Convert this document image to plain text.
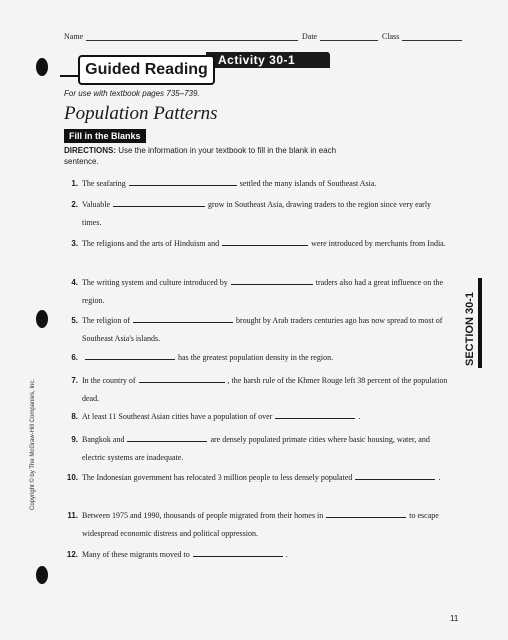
Name	Date	Class
Activity 30-1
Guided Reading
For use with textbook pages 735–739.
Population Patterns
Fill in the Blanks
DIRECTIONS: Use the information in your textbook to fill in the blank in each sentence.
1. The seafaring	settled the many islands of Southeast Asia.
2. Valuable	grow in Southeast Asia, drawing traders to the region since very early times.
3. The religions and the arts of Hinduism and	were introduced by merchants from India.
4. The writing system and culture introduced by	traders also had a great influence on the region.
5. The religion of	brought by Arab traders centuries ago has now spread to most of Southeast Asia's islands.
6.	has the greatest population density in the region.
7. In the country of	, the harsh rule of the Khmer Rouge left 38 percent of the population dead.
8. At least 11 Southeast Asian cities have a population of over	.
9. Bangkok and	are densely populated primate cities where basic housing, water, and electric systems are inadequate.
10. The Indonesian government has relocated 3 million people to less densely populated	.
11. Between 1975 and 1990, thousands of people migrated from their homes in	to escape widespread economic distress and political oppression.
12. Many of these migrants moved to	.
SECTION 30-1
Copyright © by The McGraw-Hill Companies, Inc.
11
